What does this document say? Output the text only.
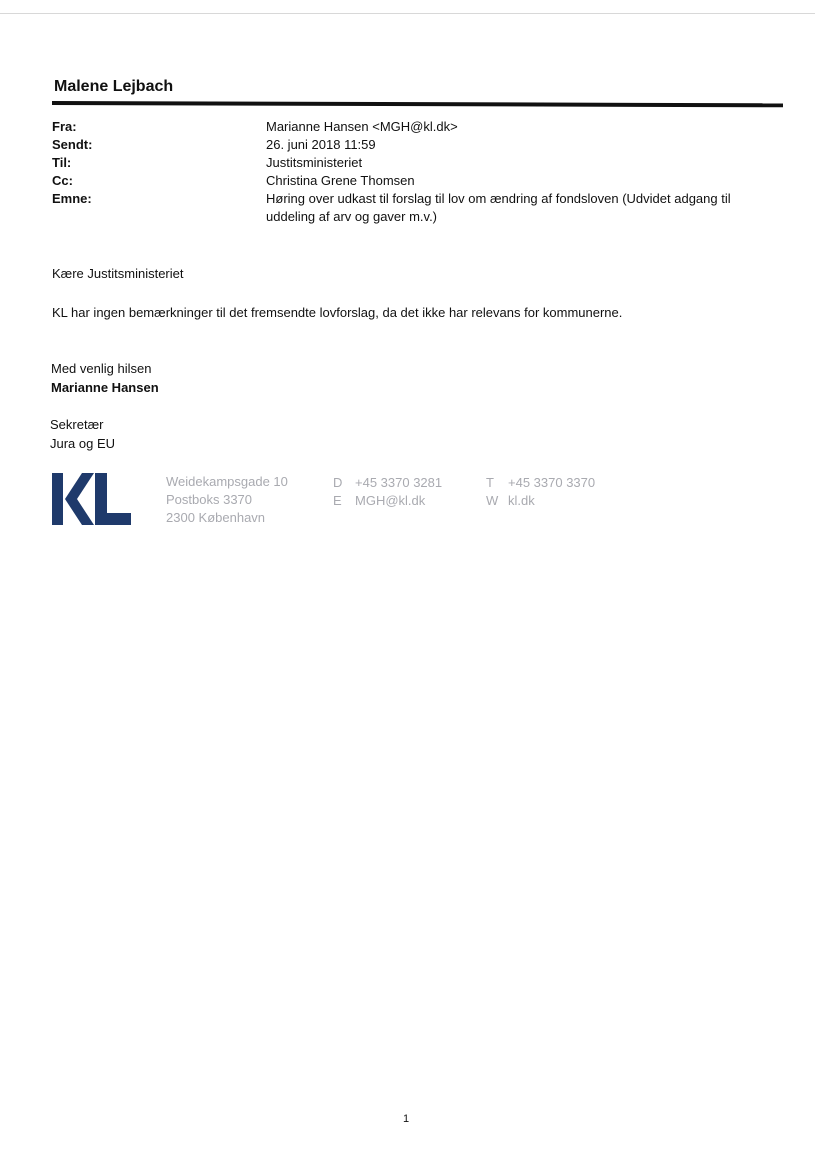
Malene Lejbach
Fra:	Marianne Hansen <MGH@kl.dk>
Sendt:	26. juni 2018 11:59
Til:	Justitsministeriet
Cc:	Christina Grene Thomsen
Emne:	Høring over udkast til forslag til lov om ændring af fondsloven (Udvidet adgang til uddeling af arv og gaver m.v.)
Kære Justitsministeriet
KL har ingen bemærkninger til det fremsendte lovforslag, da det ikke har relevans for kommunerne.
Med venlig hilsen
Marianne Hansen
Sekretær
Jura og EU
Weidekampsgade 10
Postboks 3370
2300 København
D +45 3370 3281
E MGH@kl.dk
T +45 3370 3370
W kl.dk
1
